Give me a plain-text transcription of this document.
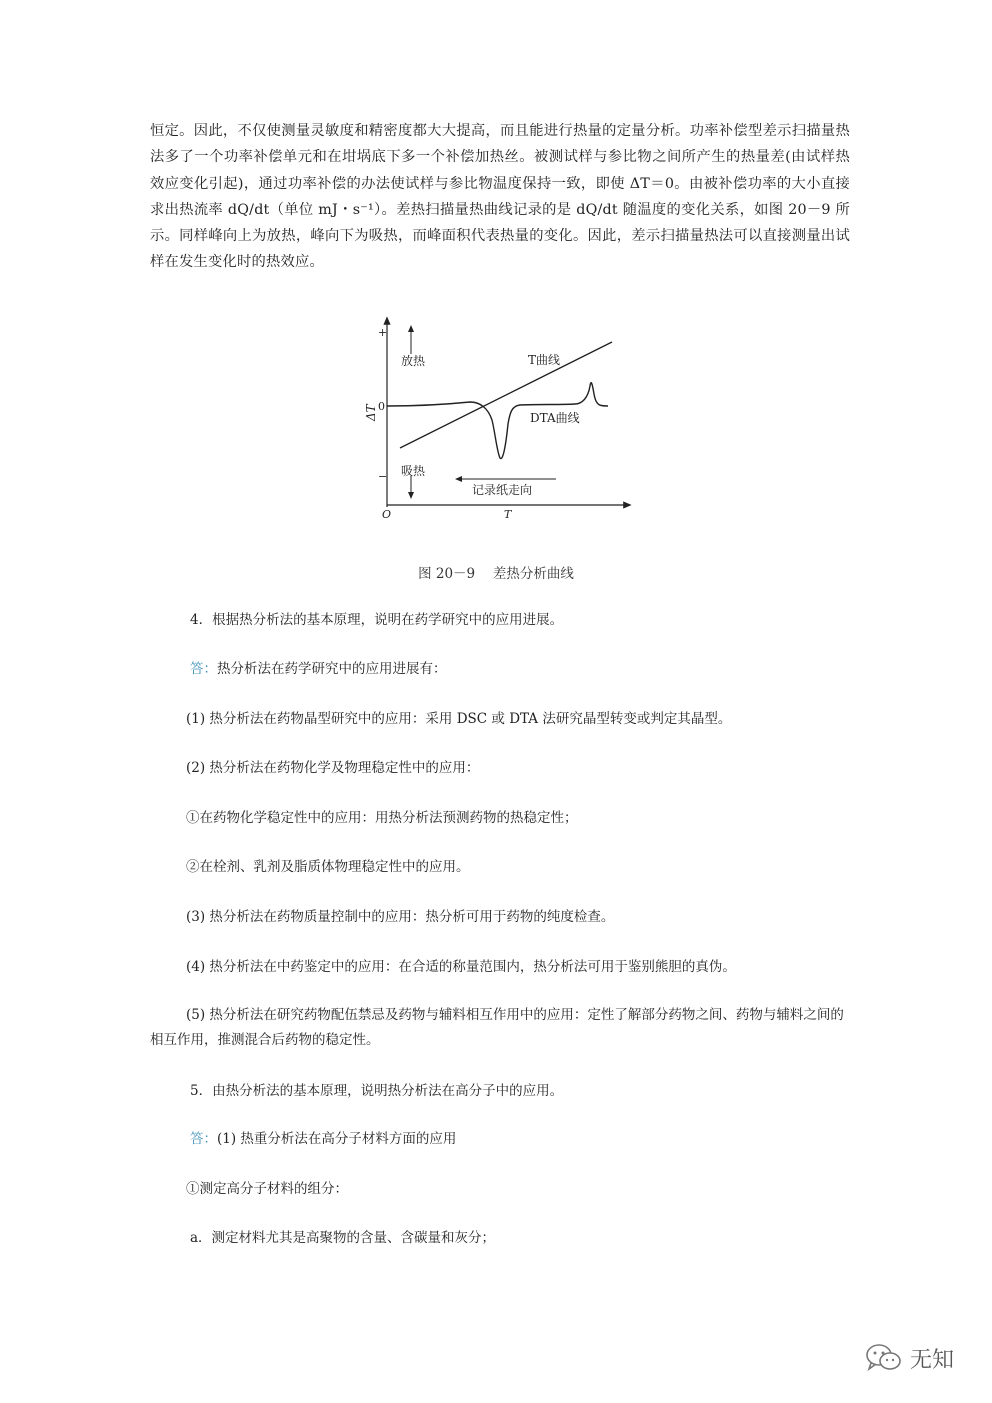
恒定。因此，不仅使测量灵敏度和精密度都大大提高，而且能进行热量的定量分析。功率补偿型差示扫描量热法多了一个功率补偿单元和在坩埚底下多一个补偿加热丝。被测试样与参比物之间所产生的热量差(由试样热效应变化引起)，通过功率补偿的办法使试样与参比物温度保持一致，即使 ΔT＝0。由被补偿功率的大小直接求出热流率 dQ/dt（单位 mJ・s⁻¹）。差热扫描量热曲线记录的是 dQ/dt 随温度的变化关系，如图 20－9 所示。同样峰向上为放热，峰向下为吸热，而峰面积代表热量的变化。因此，差示扫描量热法可以直接测量出试样在发生变化时的热效应。

+
0
−
ΔT
O	T
放热
吸热
T曲线
DTA曲线
记录纸走向
图 20－9　 差热分析曲线

4．根据热分析法的基本原理，说明在药学研究中的应用进展。

答：热分析法在药学研究中的应用进展有：

(1) 热分析法在药物晶型研究中的应用：采用 DSC 或 DTA 法研究晶型转变或判定其晶型。

(2) 热分析法在药物化学及物理稳定性中的应用：

①在药物化学稳定性中的应用：用热分析法预测药物的热稳定性；

②在栓剂、乳剂及脂质体物理稳定性中的应用。

(3) 热分析法在药物质量控制中的应用：热分析可用于药物的纯度检查。

(4) 热分析法在中药鉴定中的应用：在合适的称量范围内，热分析法可用于鉴别熊胆的真伪。

(5) 热分析法在研究药物配伍禁忌及药物与辅料相互作用中的应用：定性了解部分药物之间、药物与辅料之间的相互作用，推测混合后药物的稳定性。

5．由热分析法的基本原理，说明热分析法在高分子中的应用。

答：(1) 热重分析法在高分子材料方面的应用

①测定高分子材料的组分：

a．测定材料尤其是高聚物的含量、含碳量和灰分；

无知
